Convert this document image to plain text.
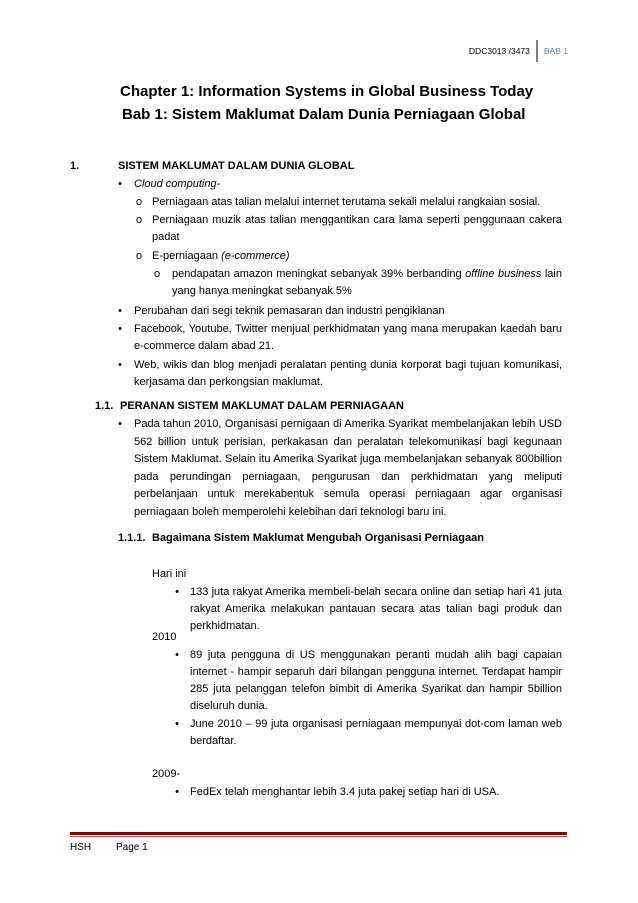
DDC3013 /3473	BAB 1
Chapter 1: Information Systems in Global Business Today
Bab 1: Sistem Maklumat Dalam Dunia Perniagaan Global
1.	SISTEM MAKLUMAT DALAM DUNIA GLOBAL
• Cloud computing-
o Perniagaan atas talian melalui internet terutama sekali melalui rangkaian sosial.
o Perniagaan muzik atas talian menggantikan cara lama seperti penggunaan cakera padat
o E-perniagaan (e-commerce)
o pendapatan amazon meningkat sebanyak 39% berbanding offline business lain yang hanya meningkat sebanyak 5%
• Perubahan dari segi teknik pemasaran dan industri pengiklanan
• Facebook, Youtube, Twitter menjual perkhidmatan yang mana merupakan kaedah baru e-commerce dalam abad 21.
• Web, wikis dan blog menjadi peralatan penting dunia korporat bagi tujuan komunikasi, kerjasama dan perkongsian maklumat.
1.1. PERANAN SISTEM MAKLUMAT DALAM PERNIAGAAN
• Pada tahun 2010, Organisasi pernigaan di Amerika Syarikat membelanjakan lebih USD 562 billion untuk perisian, perkakasan dan peralatan telekomunikasi bagi kegunaan Sistem Maklumat. Selain itu Amerika Syarikat juga membelanjakan sebanyak 800billion pada perundingan perniagaan, pengurusan dan perkhidmatan yang meliputi perbelanjaan untuk merekabentuk semula operasi perniagaan agar organisasi perniagaan boleh memperolehi kelebihan dari teknologi baru ini.
1.1.1. Bagaimana Sistem Maklumat Mengubah Organisasi Perniagaan
Hari ini
• 133 juta rakyat Amerika membeli-belah secara online dan setiap hari 41 juta rakyat Amerika melakukan pantauan secara atas talian bagi produk dan perkhidmatan.
2010
• 89 juta pengguna di US menggunakan peranti mudah alih bagi capaian internet - hampir separuh dari bilangan pengguna internet. Terdapat hampir 285 juta pelanggan telefon bimbit di Amerika Syarikat dan hampir 5billion diseluruh dunia.
• June 2010 – 99 juta organisasi perniagaan mempunyai dot-com laman web berdaftar.
2009-
• FedEx telah menghantar lebih 3.4 juta pakej setiap hari di USA.
HSH Page 1
